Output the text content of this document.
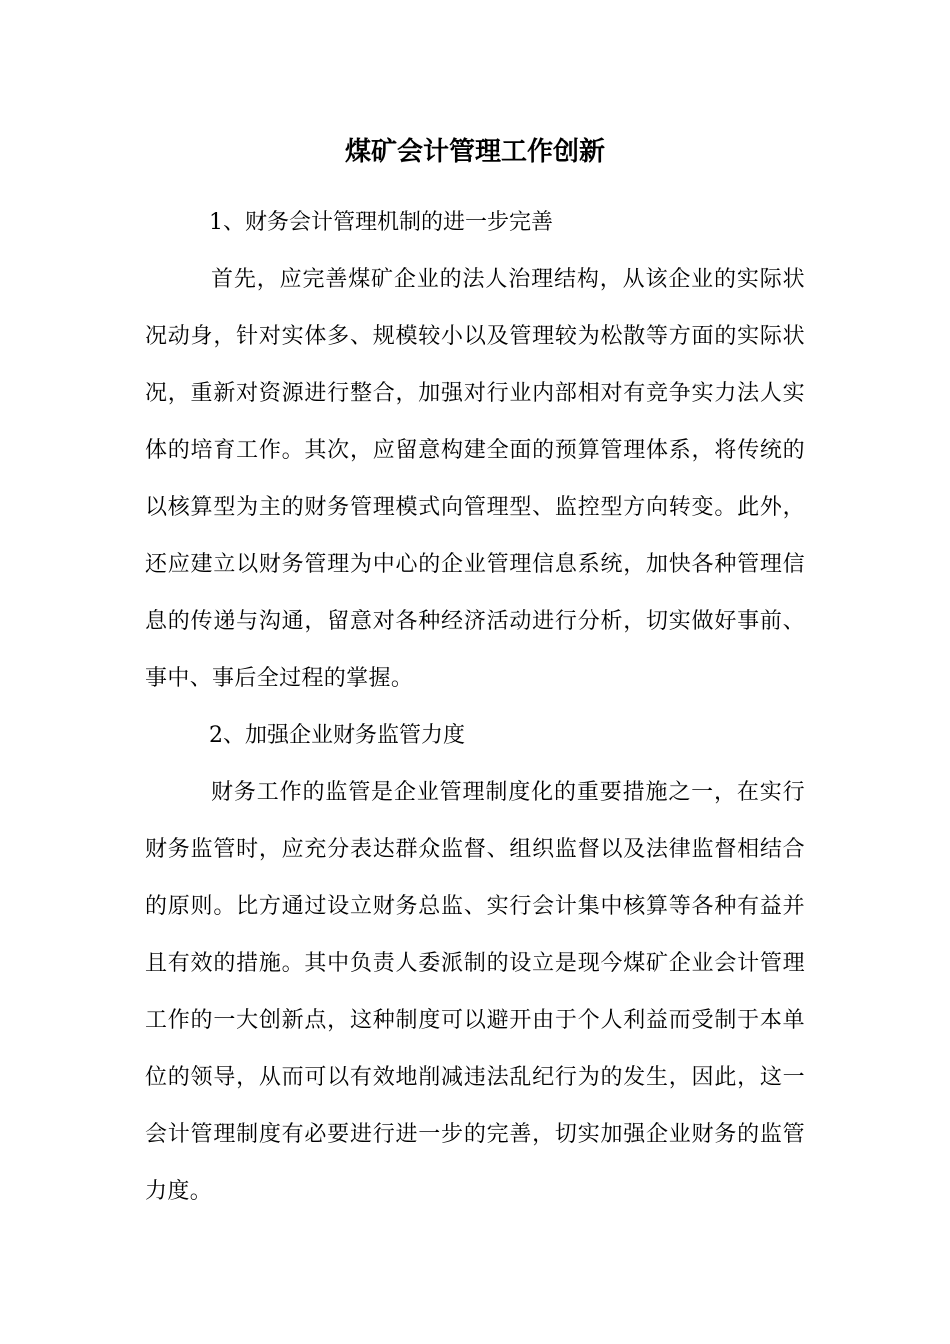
煤矿会计管理工作创新

1、财务会计管理机制的进一步完善

首先，应完善煤矿企业的法人治理结构，从该企业的实际状况动身，针对实体多、规模较小以及管理较为松散等方面的实际状况，重新对资源进行整合，加强对行业内部相对有竞争实力法人实体的培育工作。其次，应留意构建全面的预算管理体系，将传统的以核算型为主的财务管理模式向管理型、监控型方向转变。此外，还应建立以财务管理为中心的企业管理信息系统，加快各种管理信息的传递与沟通，留意对各种经济活动进行分析，切实做好事前、事中、事后全过程的掌握。

2、加强企业财务监管力度

财务工作的监管是企业管理制度化的重要措施之一，在实行财务监管时，应充分表达群众监督、组织监督以及法律监督相结合的原则。比方通过设立财务总监、实行会计集中核算等各种有益并且有效的措施。其中负责人委派制的设立是现今煤矿企业会计管理工作的一大创新点，这种制度可以避开由于个人利益而受制于本单位的领导，从而可以有效地削减违法乱纪行为的发生，因此，这一会计管理制度有必要进行进一步的完善，切实加强企业财务的监管力度。
